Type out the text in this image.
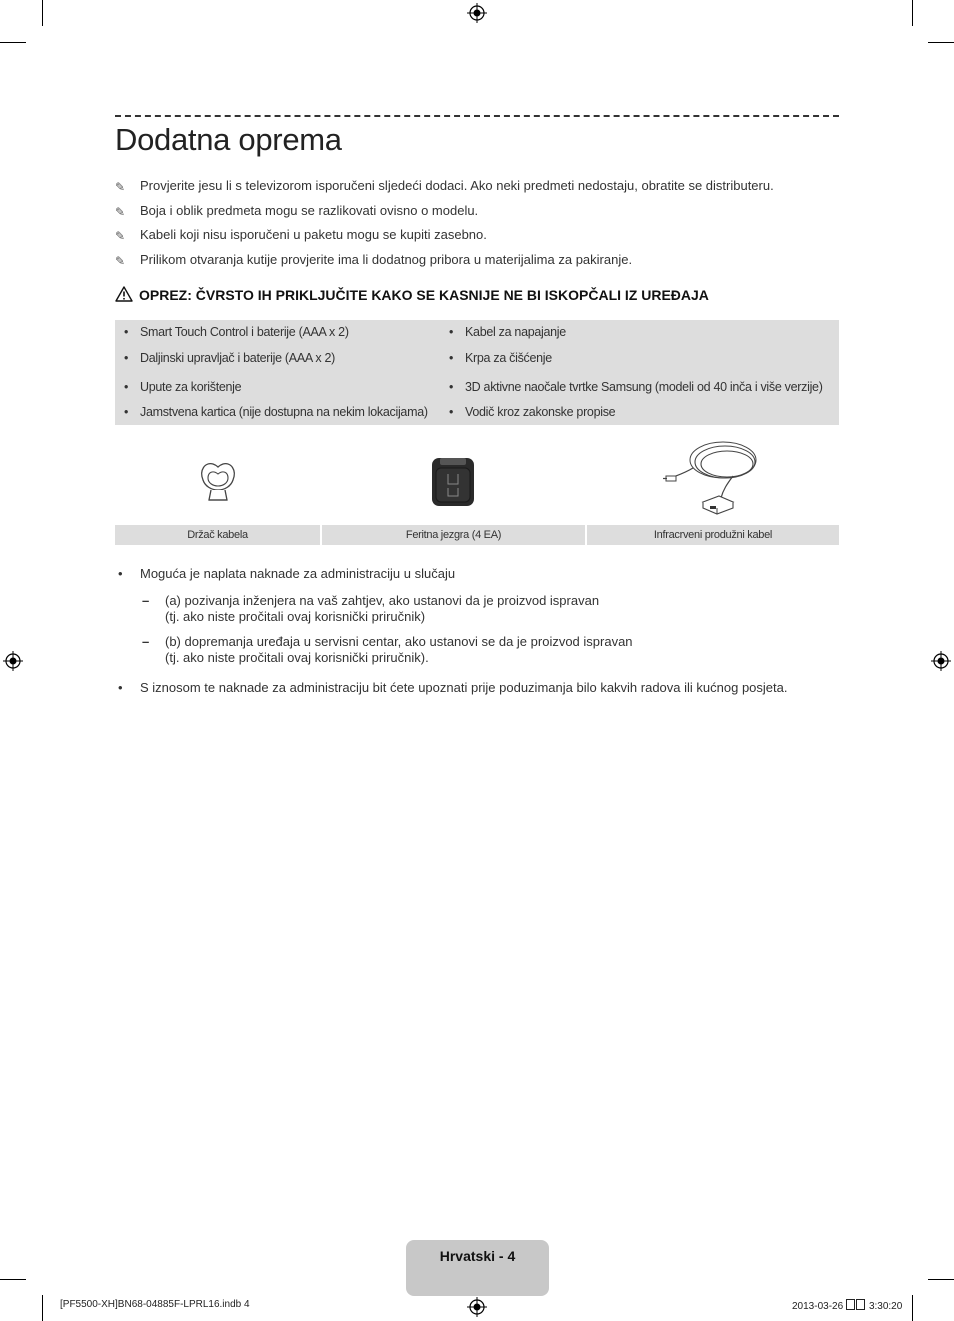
Dodatna oprema
✎ Provjerite jesu li s televizorom isporučeni sljedeći dodaci. Ako neki predmeti nedostaju, obratite se distributeru.
✎ Boja i oblik predmeta mogu se razlikovati ovisno o modelu.
✎ Kabeli koji nisu isporučeni u paketu mogu se kupiti zasebno.
✎ Prilikom otvaranja kutije provjerite ima li dodatnog pribora u materijalima za pakiranje.
OPREZ: ČVRSTO IH PRIKLJUČITE KAKO SE KASNIJE NE BI ISKOPČALI IZ UREĐAJA
• Smart Touch Control i baterije (AAA x 2)	• Kabel za napajanje
• Daljinski upravljač i baterije (AAA x 2)	• Krpa za čišćenje
• Upute za korištenje	• 3D aktivne naočale tvrtke Samsung (modeli od 40 inča i više verzije)
• Jamstvena kartica (nije dostupna na nekim lokacijama) • Vodič kroz zakonske propise
Držač kabela	Feritna jezgra (4 EA)	Infracrveni produžni kabel
• Moguća je naplata naknade za administraciju u slučaju
– (a) pozivanja inženjera na vaš zahtjev, ako ustanovi da je proizvod ispravan
(tj. ako niste pročitali ovaj korisnički priručnik)
– (b) dopremanja uređaja u servisni centar, ako ustanovi se da je proizvod ispravan
(tj. ako niste pročitali ovaj korisnički priručnik).
• S iznosom te naknade za administraciju bit ćete upoznati prije poduzimanja bilo kakvih radova ili kućnog posjeta.
Hrvatski - 4
[PF5500-XH]BN68-04885F-LPRL16.indb 4	2013-03-26 3:30:20
